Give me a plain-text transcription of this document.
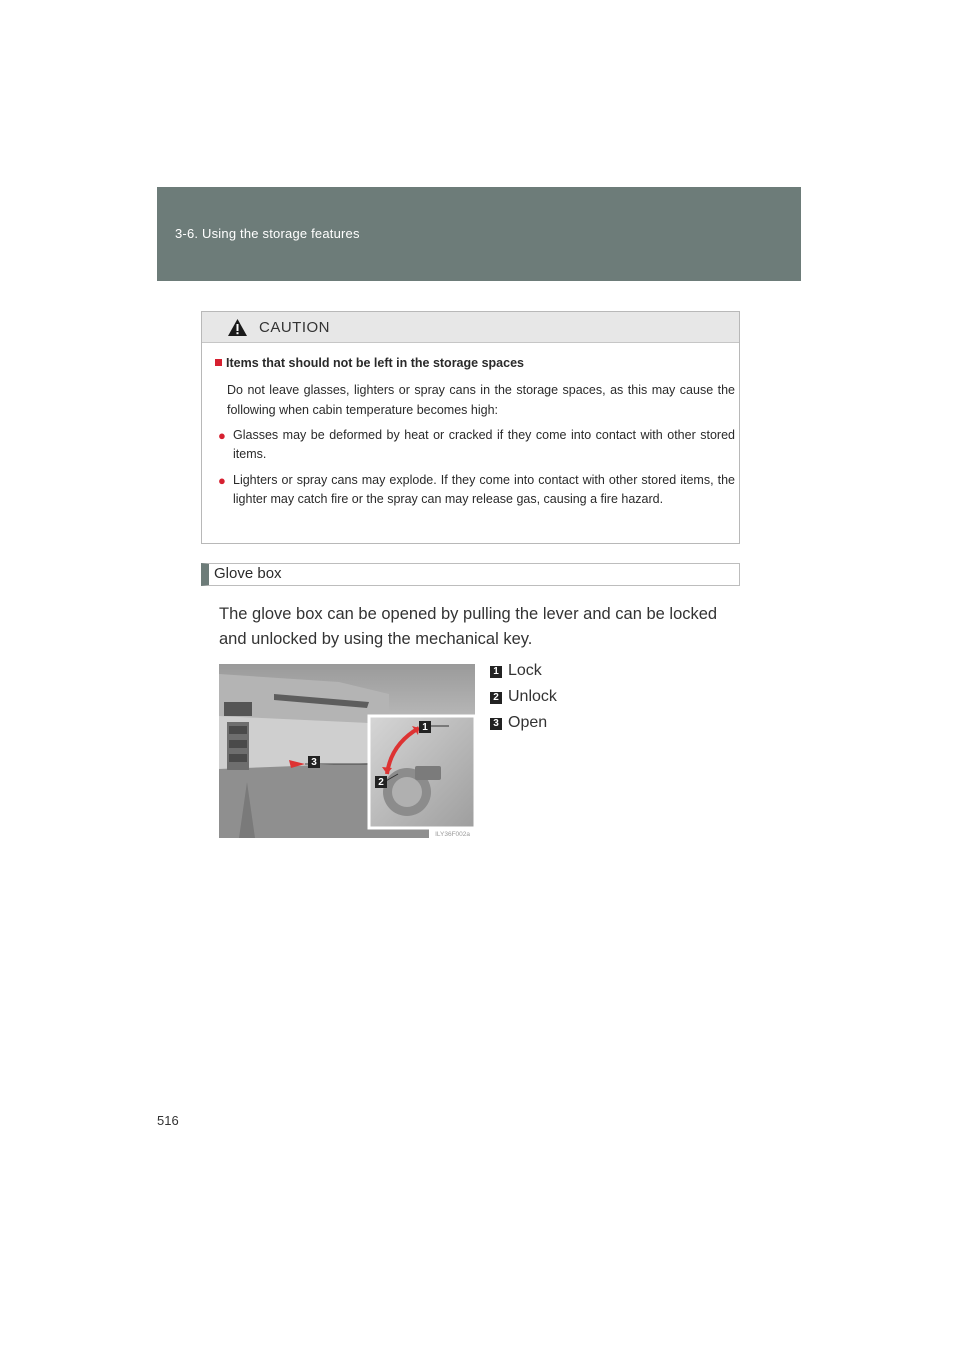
3-6. Using the storage features
Glove box
CAUTION
Items that should not be left in the storage spaces
Do not leave glasses, lighters or spray cans in the storage spaces, as this may cause the following when cabin temperature becomes high:
● Glasses may be deformed by heat or cracked if they come into contact with other stored items.
● Lighters or spray cans may explode. If they come into contact with other stored items, the lighter may catch fire or the spray can may release gas, causing a fire hazard.
Glove box
The glove box can be opened by pulling the lever and can be locked and unlocked by using the mechanical key.
1 Lock
2 Unlock
3 Open
1
2
3
ILY36F002a
516
